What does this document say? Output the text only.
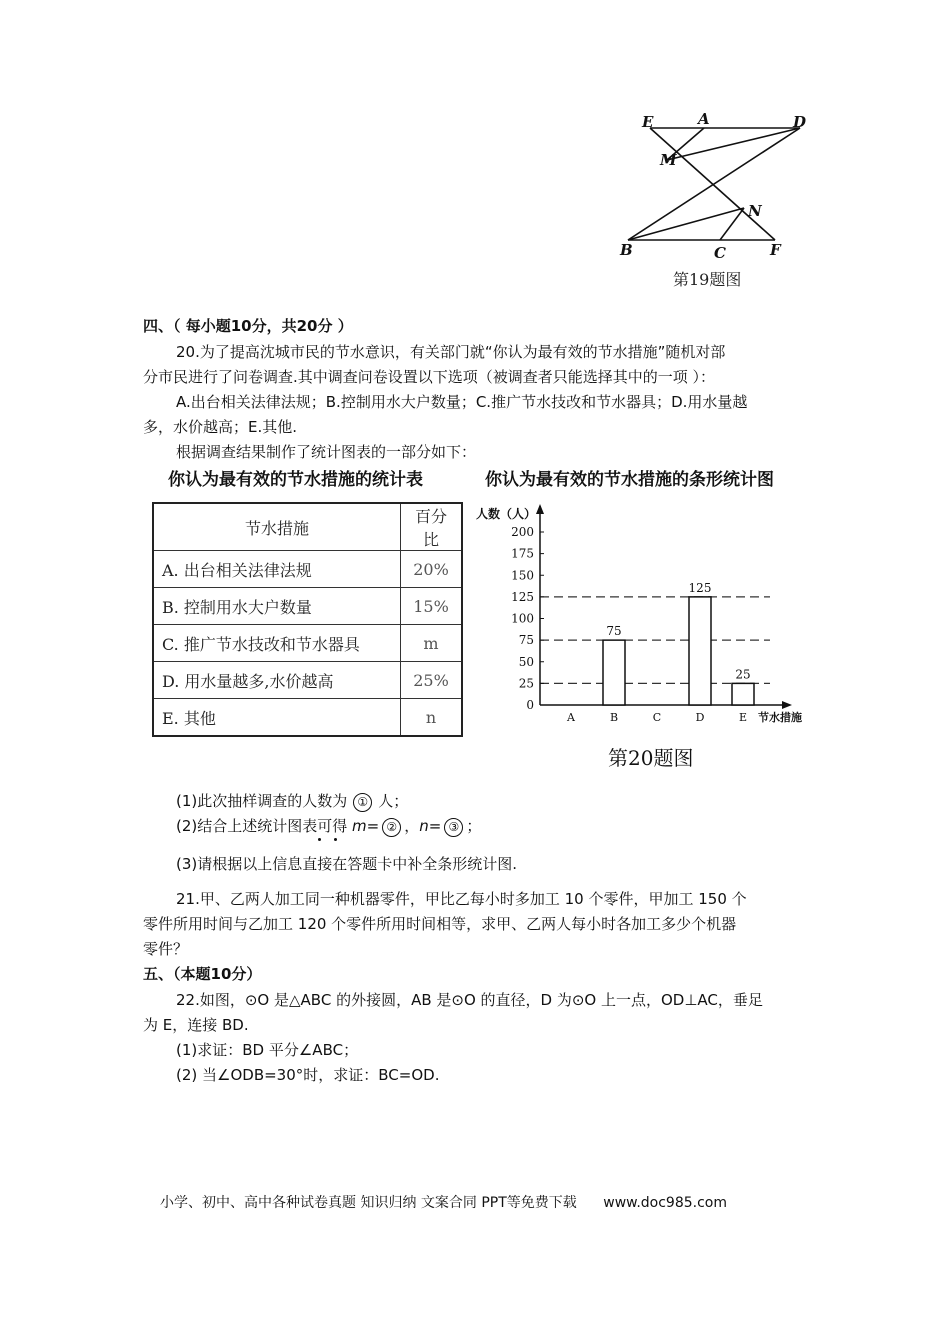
E	A	D
M
N
B	C	F
第19题图
四、（ 每小题10分，共20分 ）
20.为了提高沈城市民的节水意识，有关部门就“你认为最有效的节水措施”随机对部
分市民进行了问卷调查.其中调查问卷设置以下选项（被调查者只能选择其中的一项 ）：
A.出台相关法律法规；B.控制用水大户数量；C.推广节水技改和节水器具；D.用水量越
多，水价越高；E.其他.
根据调查结果制作了统计图表的一部分如下：
你认为最有效的节水措施的统计表	你认为最有效的节水措施的条形统计图
节水措施	百分比
A. 出台相关法律法规	20%
B. 控制用水大户数量	15%
C. 推广节水技改和节水器具	m
D. 用水量越多,水价越高	25%
E. 其他	n
0
25
50
75
100
125
150
175
200
A
75
B	C
125
D
25
E
人数（人）
节水措施
第20题图
(1)此次抽样调查的人数为 ① 人；
(2)结合上述统计图表可得 m= ② ，n= ③ ；
(3)请根据以上信息直接在答题卡中补全条形统计图.
21.甲、乙两人加工同一种机器零件，甲比乙每小时多加工 10 个零件，甲加工 150 个
零件所用时间与乙加工 120 个零件所用时间相等，求甲、乙两人每小时各加工多少个机器
零件？
五、（本题10分）
22.如图，⊙O 是△ABC 的外接圆，AB 是⊙O 的直径，D 为⊙O 上一点，OD⊥AC，垂足
为 E，连接 BD.
(1)求证：BD 平分∠ABC；
(2) 当∠ODB=30°时，求证：BC=OD.
小学、初中、高中各种试卷真题 知识归纳 文案合同 PPT等免费下载 www.doc985.com
